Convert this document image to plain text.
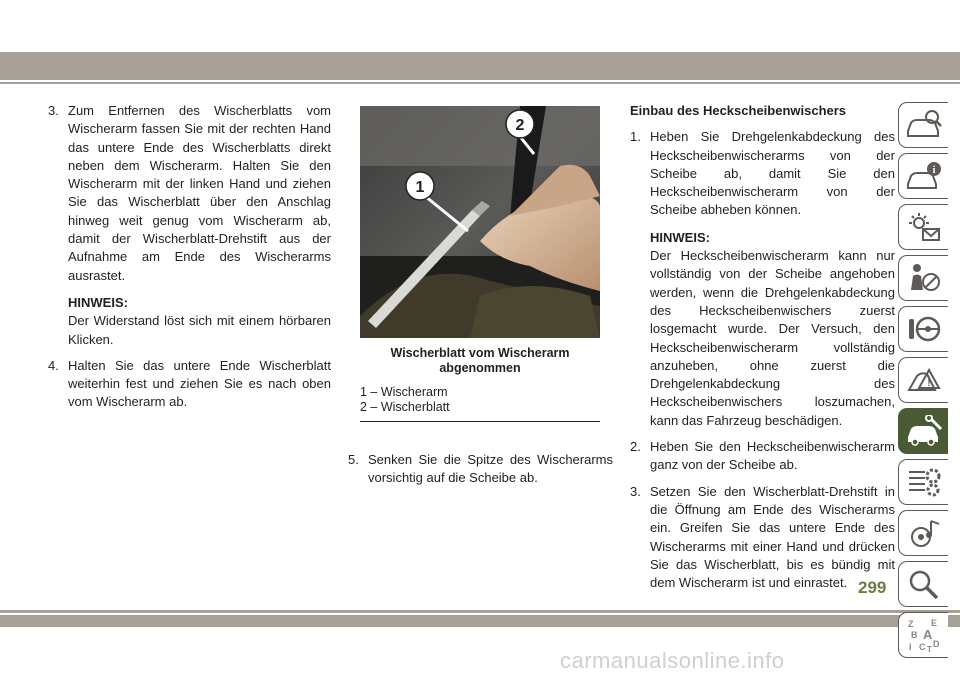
3. Zum Entfernen des Wischerblatts vom Wischerarm fassen Sie mit der rechten Hand das untere Ende des Wischerblatts direkt neben dem Wischerarm. Halten Sie den Wischerarm mit der linken Hand und ziehen Sie das Wischerblatt über den Anschlag hinweg weit genug vom Wischerarm ab, damit der Wischerblatt-Drehstift aus der Aufnahme am Ende des Wischerarms ausrastet.
HINWEIS:
Der Widerstand löst sich mit einem hörbaren Klicken.
4. Halten Sie das untere Ende Wischerblatt weiterhin fest und ziehen Sie es nach oben vom Wischerarm ab.
1
2
Wischerblatt vom Wischerarm abgenommen
1 – Wischerarm
2 – Wischerblatt
5. Senken Sie die Spitze des Wischerarms vorsichtig auf die Scheibe ab.
Einbau des Heckscheibenwischers
1. Heben Sie Drehgelenkabdeckung des Heckscheibenwischerarms von der Scheibe ab, damit Sie den Heckscheibenwischerarm von der Scheibe abheben können.
HINWEIS:
Der Heckscheibenwischerarm kann nur vollständig von der Scheibe angehoben werden, wenn die Drehgelenkabdeckung des Heckscheibenwischers zuerst losgemacht wurde. Der Versuch, den Heckscheibenwischerarm vollständig anzuheben, ohne zuerst die Drehgelenkabdeckung des Heckscheibenwischers loszumachen, kann das Fahrzeug beschädigen.
2. Heben Sie den Heckscheibenwischerarm ganz von der Scheibe ab.
3. Setzen Sie den Wischerblatt-Drehstift in die Öffnung am Ende des Wischerarms ein. Greifen Sie das untere Ende des Wischerarms mit einer Hand und drücken Sie das Wischerblatt, bis es bündig mit dem Wischerarm ist und einrastet.
i
!
Z E
B A
C D
I T
299
carmanualsonline.info
